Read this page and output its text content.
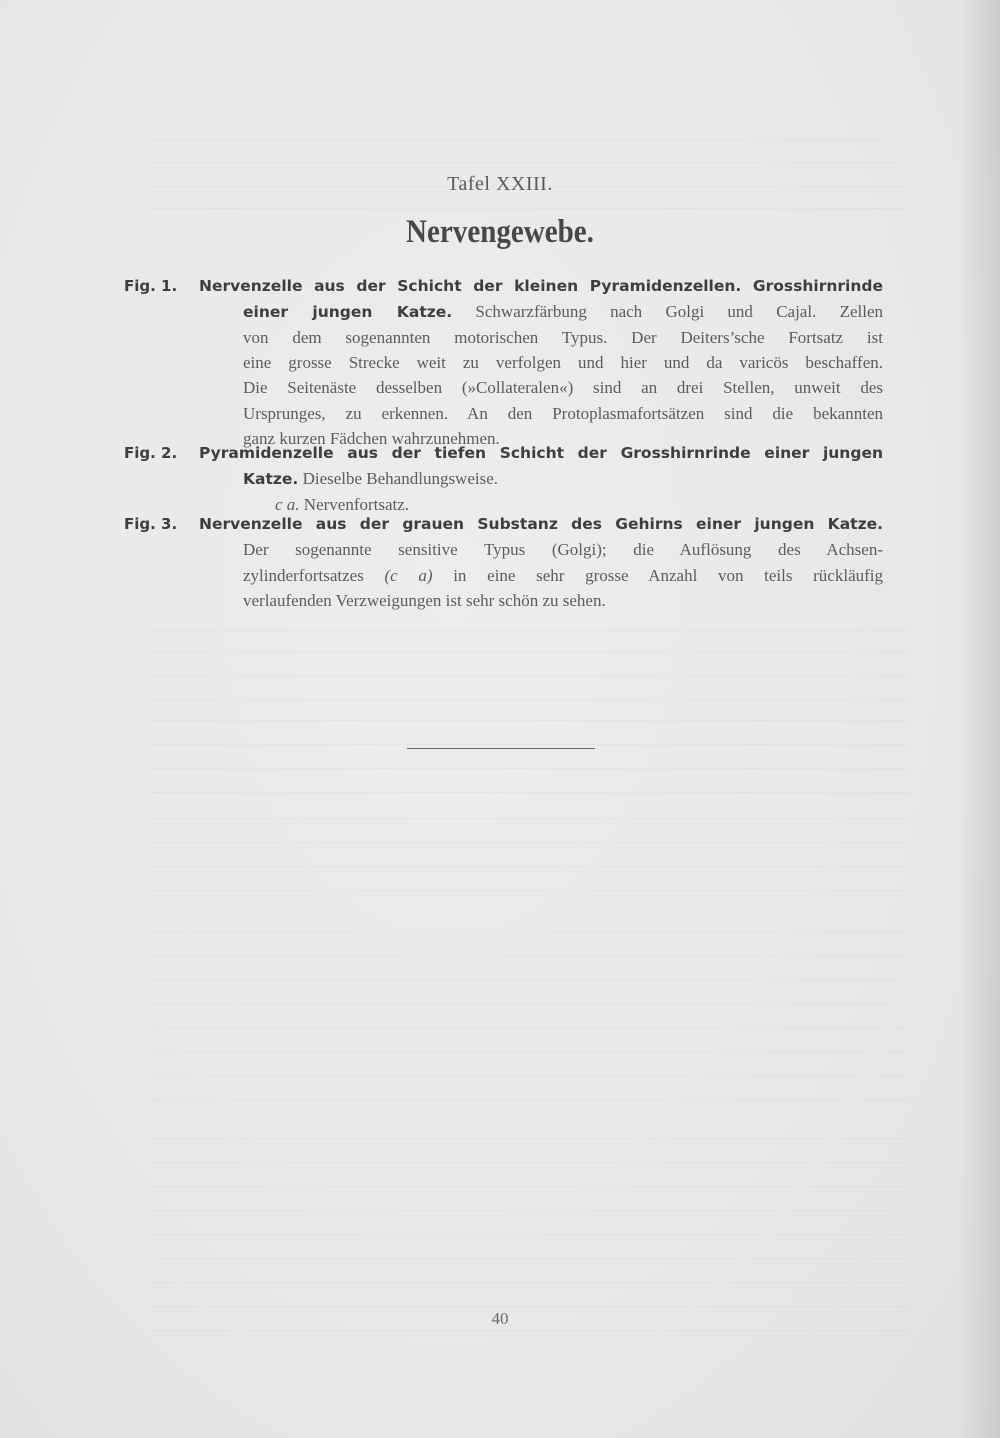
Tafel XXIII.
Nervengewebe.
Fig. 1. Nervenzelle aus der Schicht der kleinen Pyramidenzellen. Grosshirnrinde
einer jungen Katze. Schwarzfärbung nach Golgi und Cajal. Zellen
von dem sogenannten motorischen Typus. Der Deiters’sche Fortsatz ist
eine grosse Strecke weit zu verfolgen und hier und da varicös beschaffen.
Die Seitenäste desselben (»Collateralen«) sind an drei Stellen, unweit des
Ursprunges, zu erkennen. An den Protoplasmafortsätzen sind die bekannten
ganz kurzen Fädchen wahrzunehmen.
Fig. 2. Pyramidenzelle aus der tiefen Schicht der Grosshirnrinde einer jungen
Katze. Dieselbe Behandlungsweise.
c a. Nervenfortsatz.
Fig. 3. Nervenzelle aus der grauen Substanz des Gehirns einer jungen Katze.
Der sogenannte sensitive Typus (Golgi); die Auflösung des Achsen-
zylinderfortsatzes (c a) in eine sehr grosse Anzahl von teils rückläufig
verlaufenden Verzweigungen ist sehr schön zu sehen.
40
